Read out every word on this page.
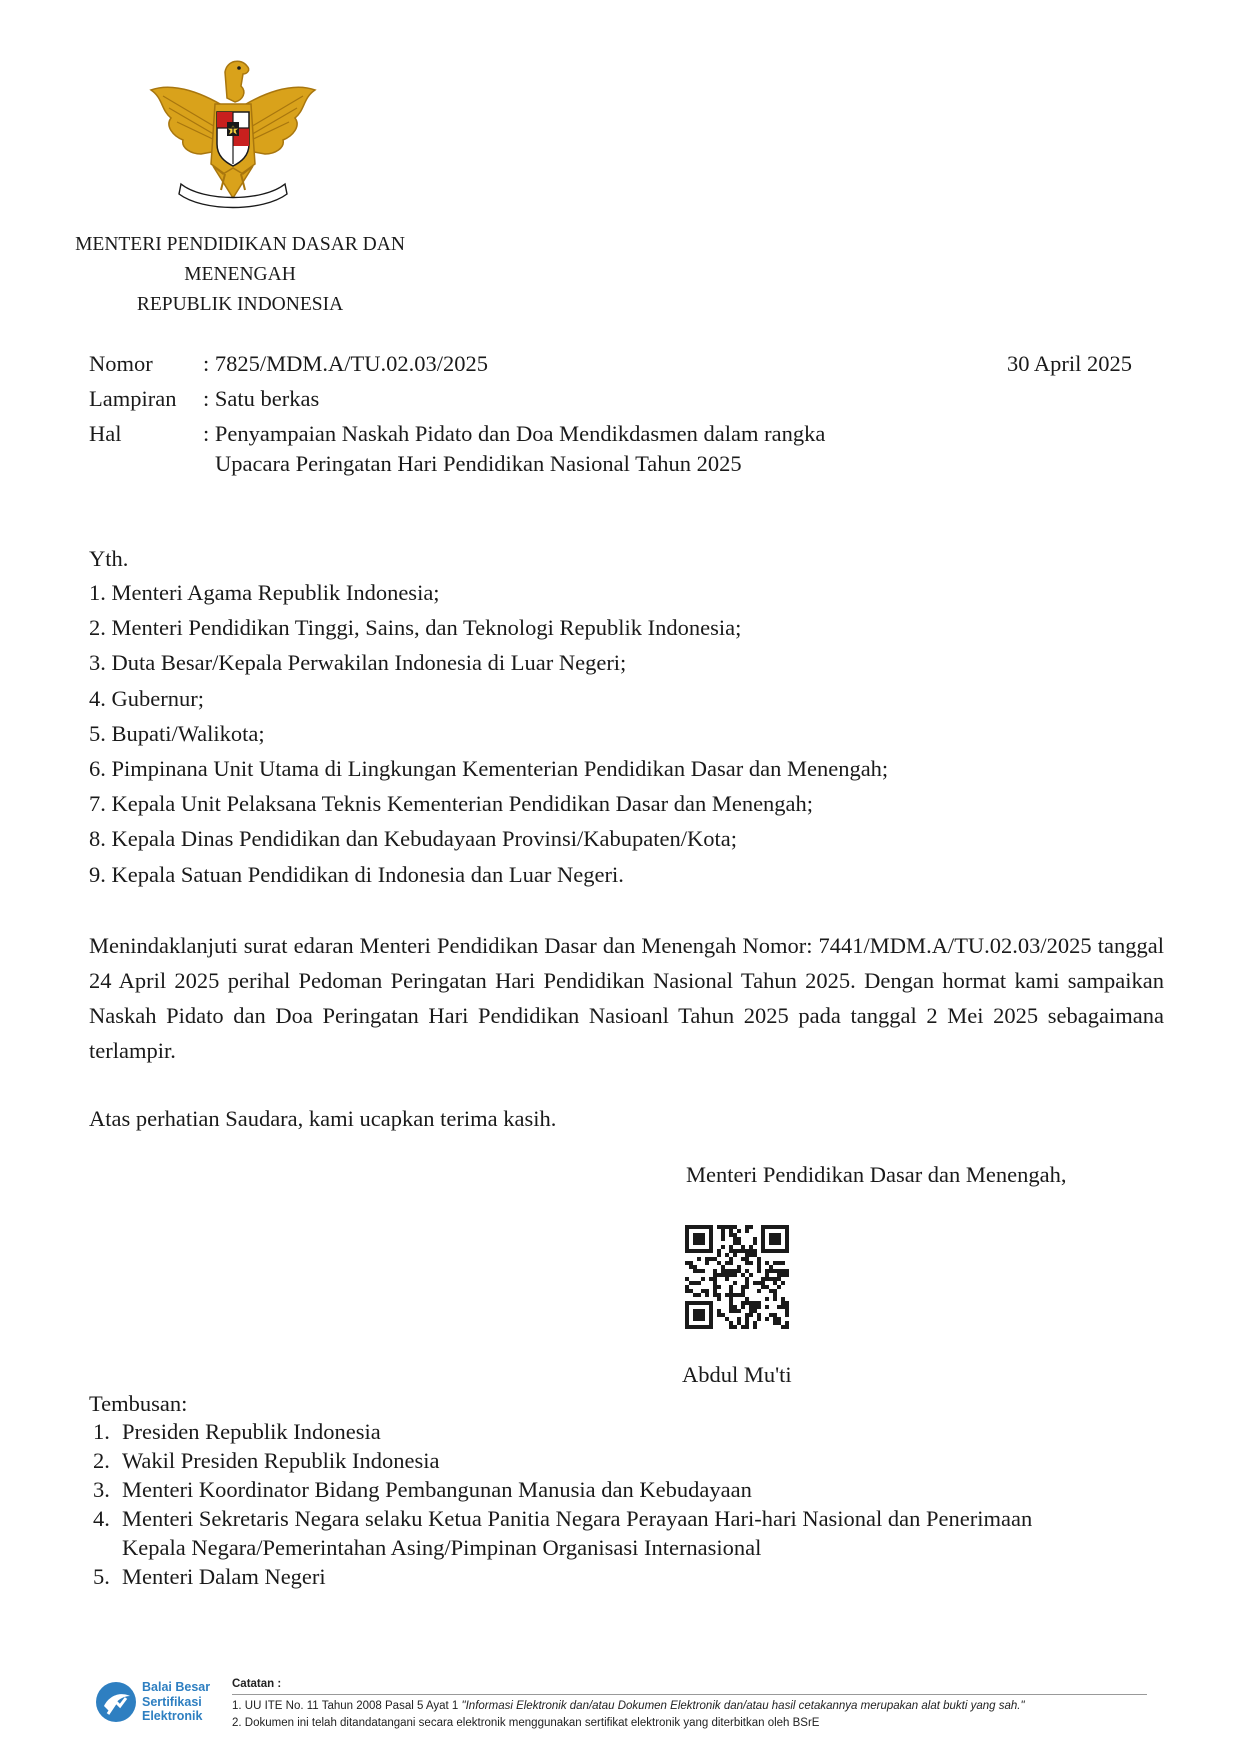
MENTERI PENDIDIKAN DASAR DAN
MENENGAH
REPUBLIK INDONESIA
Nomor : 7825/MDM.A/TU.02.03/2025
Lampiran : Satu berkas
Hal	: Penyampaian Naskah Pidato dan Doa Mendikdasmen dalam rangka
Upacara Peringatan Hari Pendidikan Nasional Tahun 2025
30 April 2025
Yth.
1. Menteri Agama Republik Indonesia;
2. Menteri Pendidikan Tinggi, Sains, dan Teknologi Republik Indonesia;
3. Duta Besar/Kepala Perwakilan Indonesia di Luar Negeri;
4. Gubernur;
5. Bupati/Walikota;
6. Pimpinana Unit Utama di Lingkungan Kementerian Pendidikan Dasar dan Menengah;
7. Kepala Unit Pelaksana Teknis Kementerian Pendidikan Dasar dan Menengah;
8. Kepala Dinas Pendidikan dan Kebudayaan Provinsi/Kabupaten/Kota;
9. Kepala Satuan Pendidikan di Indonesia dan Luar Negeri.

Menindaklanjuti surat edaran Menteri Pendidikan Dasar dan Menengah Nomor: 7441/MDM.A/TU.02.03/2025 tanggal 24 April 2025 perihal Pedoman Peringatan Hari Pendidikan Nasional Tahun 2025. Dengan hormat kami sampaikan Naskah Pidato dan Doa Peringatan Hari Pendidikan Nasioanl Tahun 2025 pada tanggal 2 Mei 2025 sebagaimana terlampir.

Atas perhatian Saudara, kami ucapkan terima kasih.
Menteri Pendidikan Dasar dan Menengah,
Abdul Mu'ti
Tembusan:
1. Presiden Republik Indonesia
2. Wakil Presiden Republik Indonesia
3. Menteri Koordinator Bidang Pembangunan Manusia dan Kebudayaan
4. Menteri Sekretaris Negara selaku Ketua Panitia Negara Perayaan Hari-hari Nasional dan Penerimaan Kepala Negara/Pemerintahan Asing/Pimpinan Organisasi Internasional
5. Menteri Dalam Negeri
Balai Besar
Sertifikasi
Elektronik
Catatan :
1. UU ITE No. 11 Tahun 2008 Pasal 5 Ayat 1 "Informasi Elektronik dan/atau Dokumen Elektronik dan/atau hasil cetakannya merupakan alat bukti yang sah."
2. Dokumen ini telah ditandatangani secara elektronik menggunakan sertifikat elektronik yang diterbitkan oleh BSrE
